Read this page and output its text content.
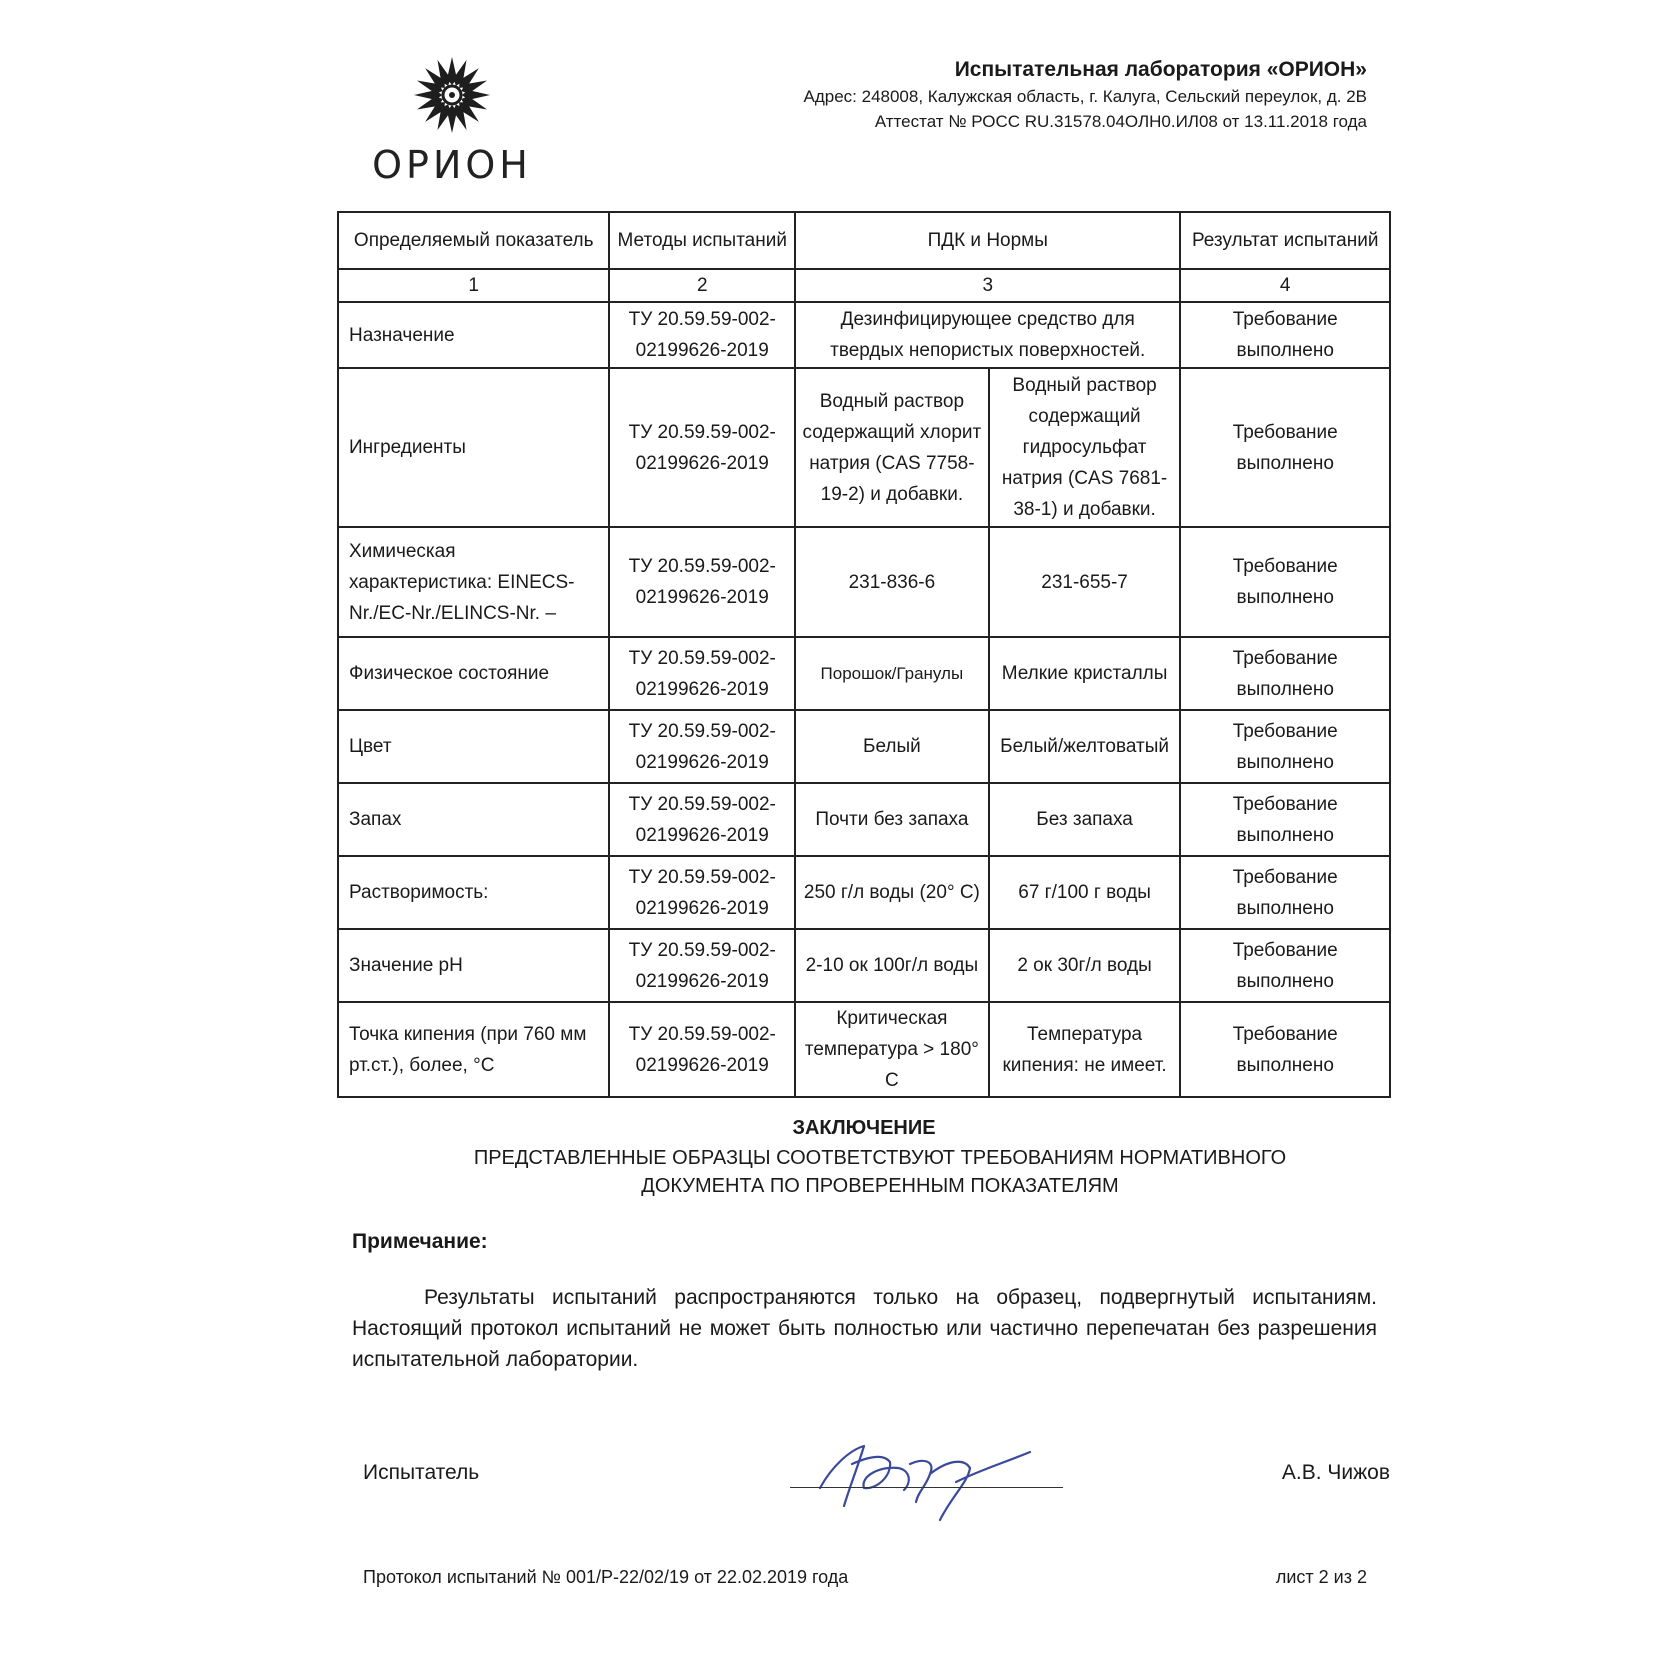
ОРИОН
Испытательная лаборатория «ОРИОН»
Адрес: 248008, Калужская область, г. Калуга, Сельский переулок, д. 2В
Аттестат № РОСС RU.31578.04ОЛН0.ИЛ08 от 13.11.2018 года
Определяемый показатель	Методы испытаний	ПДК и Нормы		Результат испытаний
1	2	3		4
Назначение	ТУ 20.59.59-002-02199626-2019	Дезинфицирующее средство для твердых непористых поверхностей.		Требование выполнено
Ингредиенты	ТУ 20.59.59-002-02199626-2019	Водный раствор содержащий хлорит натрия (CAS 7758-19-2) и добавки.	Водный раствор содержащий гидросульфат натрия (CAS 7681-38-1) и добавки.	Требование выполнено
Химическая характеристика: EINECS-Nr./EC-Nr./ELINCS-Nr. –	ТУ 20.59.59-002-02199626-2019	231-836-6	231-655-7	Требование выполнено
Физическое состояние	ТУ 20.59.59-002-02199626-2019	Порошок/Гранулы	Мелкие кристаллы	Требование выполнено
Цвет	ТУ 20.59.59-002-02199626-2019	Белый	Белый/желтоватый	Требование выполнено
Запах	ТУ 20.59.59-002-02199626-2019	Почти без запаха	Без запаха	Требование выполнено
Растворимость:	ТУ 20.59.59-002-02199626-2019	250 г/л воды (20° С)	67 г/100 г воды	Требование выполнено
Значение pH	ТУ 20.59.59-002-02199626-2019	2-10 ок 100г/л воды	2 ок 30г/л воды	Требование выполнено
Точка кипения (при 760 мм рт.ст.), более, °С	ТУ 20.59.59-002-02199626-2019	Критическая температура > 180° С	Температура кипения: не имеет.	Требование выполнено
ЗАКЛЮЧЕНИЕ
ПРЕДСТАВЛЕННЫЕ ОБРАЗЦЫ СООТВЕТСТВУЮТ ТРЕБОВАНИЯМ НОРМАТИВНОГО ДОКУМЕНТА ПО ПРОВЕРЕННЫМ ПОКАЗАТЕЛЯМ
Примечание:
Результаты испытаний распространяются только на образец, подвергнутый испытаниям. Настоящий протокол испытаний не может быть полностью или частично перепечатан без разрешения испытательной лаборатории.
Испытатель	А.В. Чижов
Протокол испытаний № 001/Р-22/02/19 от 22.02.2019 года	лист 2 из 2
